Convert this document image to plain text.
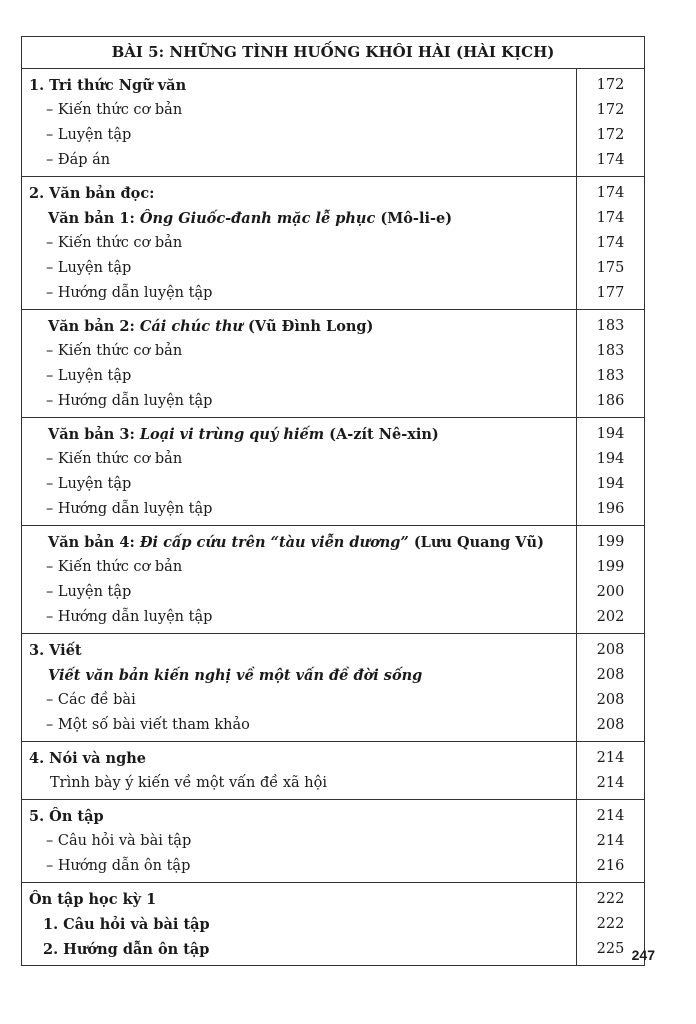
BÀI 5: NHỮNG TÌNH HUỐNG KHÔI HÀI (HÀI KỊCH)
1. Tri thức Ngữ văn
– Kiến thức cơ bản
– Luyện tập
– Đáp án
172
172
172
174
2. Văn bản đọc:
Văn bản 1: Ông Giuốc-đanh mặc lễ phục (Mô-li-e)
– Kiến thức cơ bản
– Luyện tập
– Hướng dẫn luyện tập
174
174
174
175
177
Văn bản 2: Cái chúc thư (Vũ Đình Long)
– Kiến thức cơ bản
– Luyện tập
– Hướng dẫn luyện tập
183
183
183
186
Văn bản 3: Loại vi trùng quý hiếm (A-zít Nê-xin)
– Kiến thức cơ bản
– Luyện tập
– Hướng dẫn luyện tập
194
194
194
196
Văn bản 4: Đi cấp cứu trên “tàu viễn dương” (Lưu Quang Vũ)
– Kiến thức cơ bản
– Luyện tập
– Hướng dẫn luyện tập
199
199
200
202
3. Viết
Viết văn bản kiến nghị về một vấn đề đời sống
– Các đề bài
– Một số bài viết tham khảo
208
208
208
208
4. Nói và nghe
Trình bày ý kiến về một vấn đề xã hội
214
214
5. Ôn tập
– Câu hỏi và bài tập
– Hướng dẫn ôn tập
214
214
216
Ôn tập học kỳ 1
1. Câu hỏi và bài tập
2. Hướng dẫn ôn tập
222
222
225 247
